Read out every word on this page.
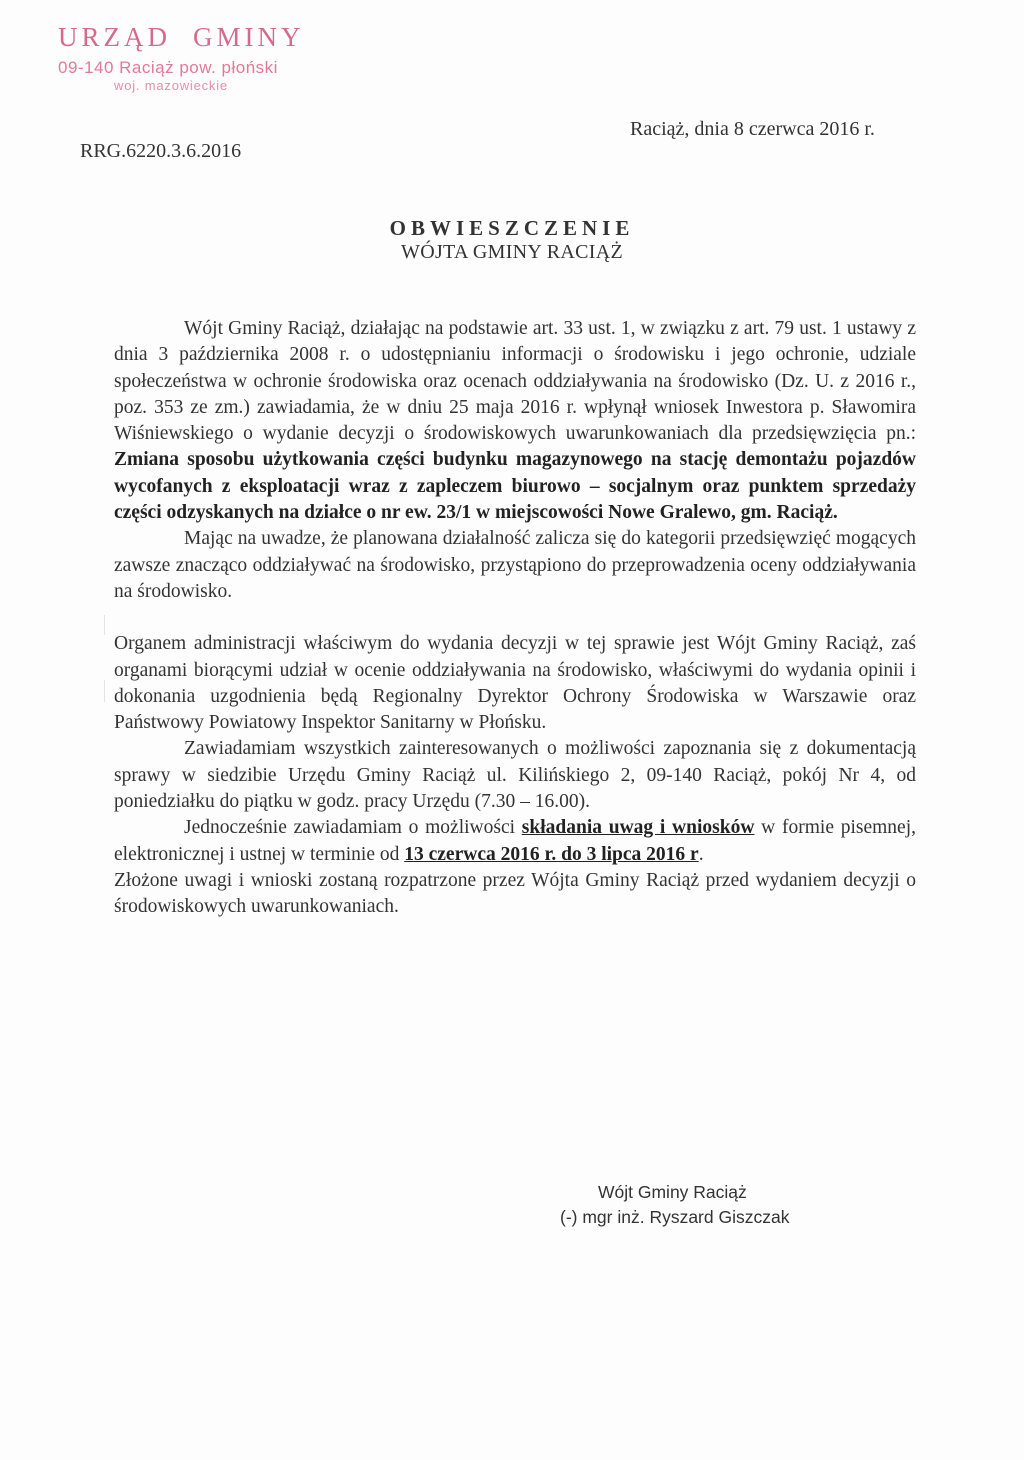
URZĄD GMINY
09-140 Raciąż pow. płoński
woj. mazowieckie
Raciąż, dnia 8 czerwca 2016 r.
RRG.6220.3.6.2016
OBWIESZCZENIE
WÓJTA GMINY RACIĄŻ

Wójt Gminy Raciąż, działając na podstawie art. 33 ust. 1, w związku z art. 79 ust. 1 ustawy z dnia 3 października 2008 r. o udostępnianiu informacji o środowisku i jego ochronie, udziale społeczeństwa w ochronie środowiska oraz ocenach oddziaływania na środowisko (Dz. U. z 2016 r., poz. 353 ze zm.) zawiadamia, że w dniu 25 maja 2016 r. wpłynął wniosek Inwestora p. Sławomira Wiśniewskiego o wydanie decyzji o środowiskowych uwarunkowaniach dla przedsięwzięcia pn.: Zmiana sposobu użytkowania części budynku magazynowego na stację demontażu pojazdów wycofanych z eksploatacji wraz z zapleczem biurowo – socjalnym oraz punktem sprzedaży części odzyskanych na działce o nr ew. 23/1 w miejscowości Nowe Gralewo, gm. Raciąż.

Mając na uwadze, że planowana działalność zalicza się do kategorii przedsięwzięć mogących zawsze znacząco oddziaływać na środowisko, przystąpiono do przeprowadzenia oceny oddziaływania na środowisko.

Organem administracji właściwym do wydania decyzji w tej sprawie jest Wójt Gminy Raciąż, zaś organami biorącymi udział w ocenie oddziaływania na środowisko, właściwymi do wydania opinii i dokonania uzgodnienia będą Regionalny Dyrektor Ochrony Środowiska w Warszawie oraz Państwowy Powiatowy Inspektor Sanitarny w Płońsku.

Zawiadamiam wszystkich zainteresowanych o możliwości zapoznania się z dokumentacją sprawy w siedzibie Urzędu Gminy Raciąż ul. Kilińskiego 2, 09-140 Raciąż, pokój Nr 4, od poniedziałku do piątku w godz. pracy Urzędu (7.30 – 16.00).

Jednocześnie zawiadamiam o możliwości składania uwag i wniosków w formie pisemnej, elektronicznej i ustnej w terminie od 13 czerwca 2016 r. do 3 lipca 2016 r.

Złożone uwagi i wnioski zostaną rozpatrzone przez Wójta Gminy Raciąż przed wydaniem decyzji o środowiskowych uwarunkowaniach.

Wójt Gminy Raciąż
(-) mgr inż. Ryszard Giszczak
